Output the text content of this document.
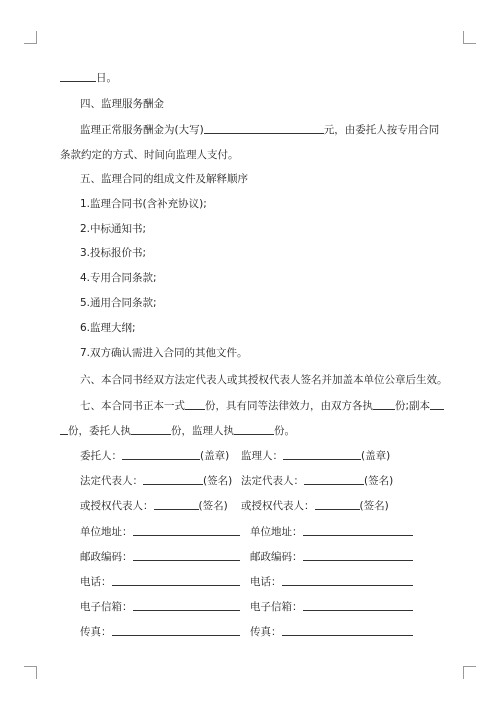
日。
四、监理服务酬金
监理正常服务酬金为(大写)	元，由委托人按专用合同
条款约定的方式、时间向监理人支付。
五、监理合同的组成文件及解释顺序
1.监理合同书(含补充协议);
2.中标通知书;
3.投标报价书;
4.专用合同条款;
5.通用合同条款;
6.监理大纲;
7.双方确认需进入合同的其他文件。
六、本合同书经双方法定代表人或其授权代表人签名并加盖本单位公章后生效。
七、本合同书正本一式 份，具有同等法律效力，由双方各执 份;副本
份，委托人执	份，监理人执	份。
委托人：	(盖章) 监理人：	(盖章)
法定代表人：	(签名) 法定代表人：	(签名)
或授权代表人：	(签名) 或授权代表人：	(签名)
单位地址：	单位地址：
邮政编码：	邮政编码：
电话：	电话：
电子信箱：	电子信箱：
传真：	传真：
